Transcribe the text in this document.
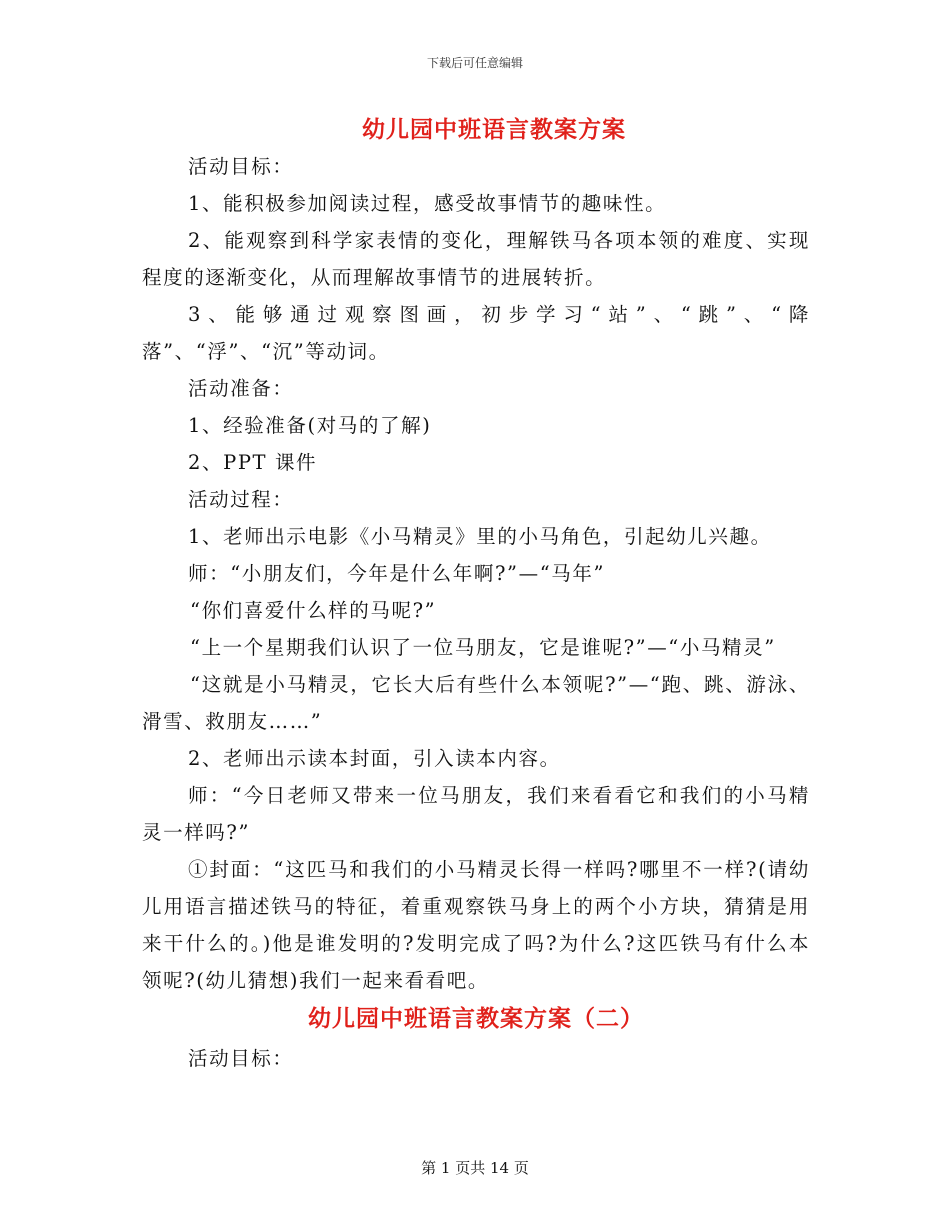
下载后可任意编辑
幼儿园中班语言教案方案

活动目标：

1、能积极参加阅读过程，感受故事情节的趣味性。

2、能观察到科学家表情的变化，理解铁马各项本领的难度、实现程度的逐渐变化，从而理解故事情节的进展转折。

3、能够通过观察图画，初步学习“站”、“跳”、“降落”、“浮”、“沉”等动词。

活动准备：

1、经验准备(对马的了解)

2、PPT 课件

活动过程：

1、老师出示电影《小马精灵》里的小马角色，引起幼儿兴趣。

师：“小朋友们，今年是什么年啊?”—“马年”

“你们喜爱什么样的马呢?”

“上一个星期我们认识了一位马朋友，它是谁呢?”—“小马精灵”

“这就是小马精灵，它长大后有些什么本领呢?”—“跑、跳、游泳、滑雪、救朋友……”

2、老师出示读本封面，引入读本内容。

师：“今日老师又带来一位马朋友，我们来看看它和我们的小马精灵一样吗?”

①封面：“这匹马和我们的小马精灵长得一样吗?哪里不一样?(请幼儿用语言描述铁马的特征，着重观察铁马身上的两个小方块，猜猜是用来干什么的。)他是谁发明的?发明完成了吗?为什么?这匹铁马有什么本领呢?(幼儿猜想)我们一起来看看吧。

幼儿园中班语言教案方案（二）

活动目标：

第 1 页共 14 页
